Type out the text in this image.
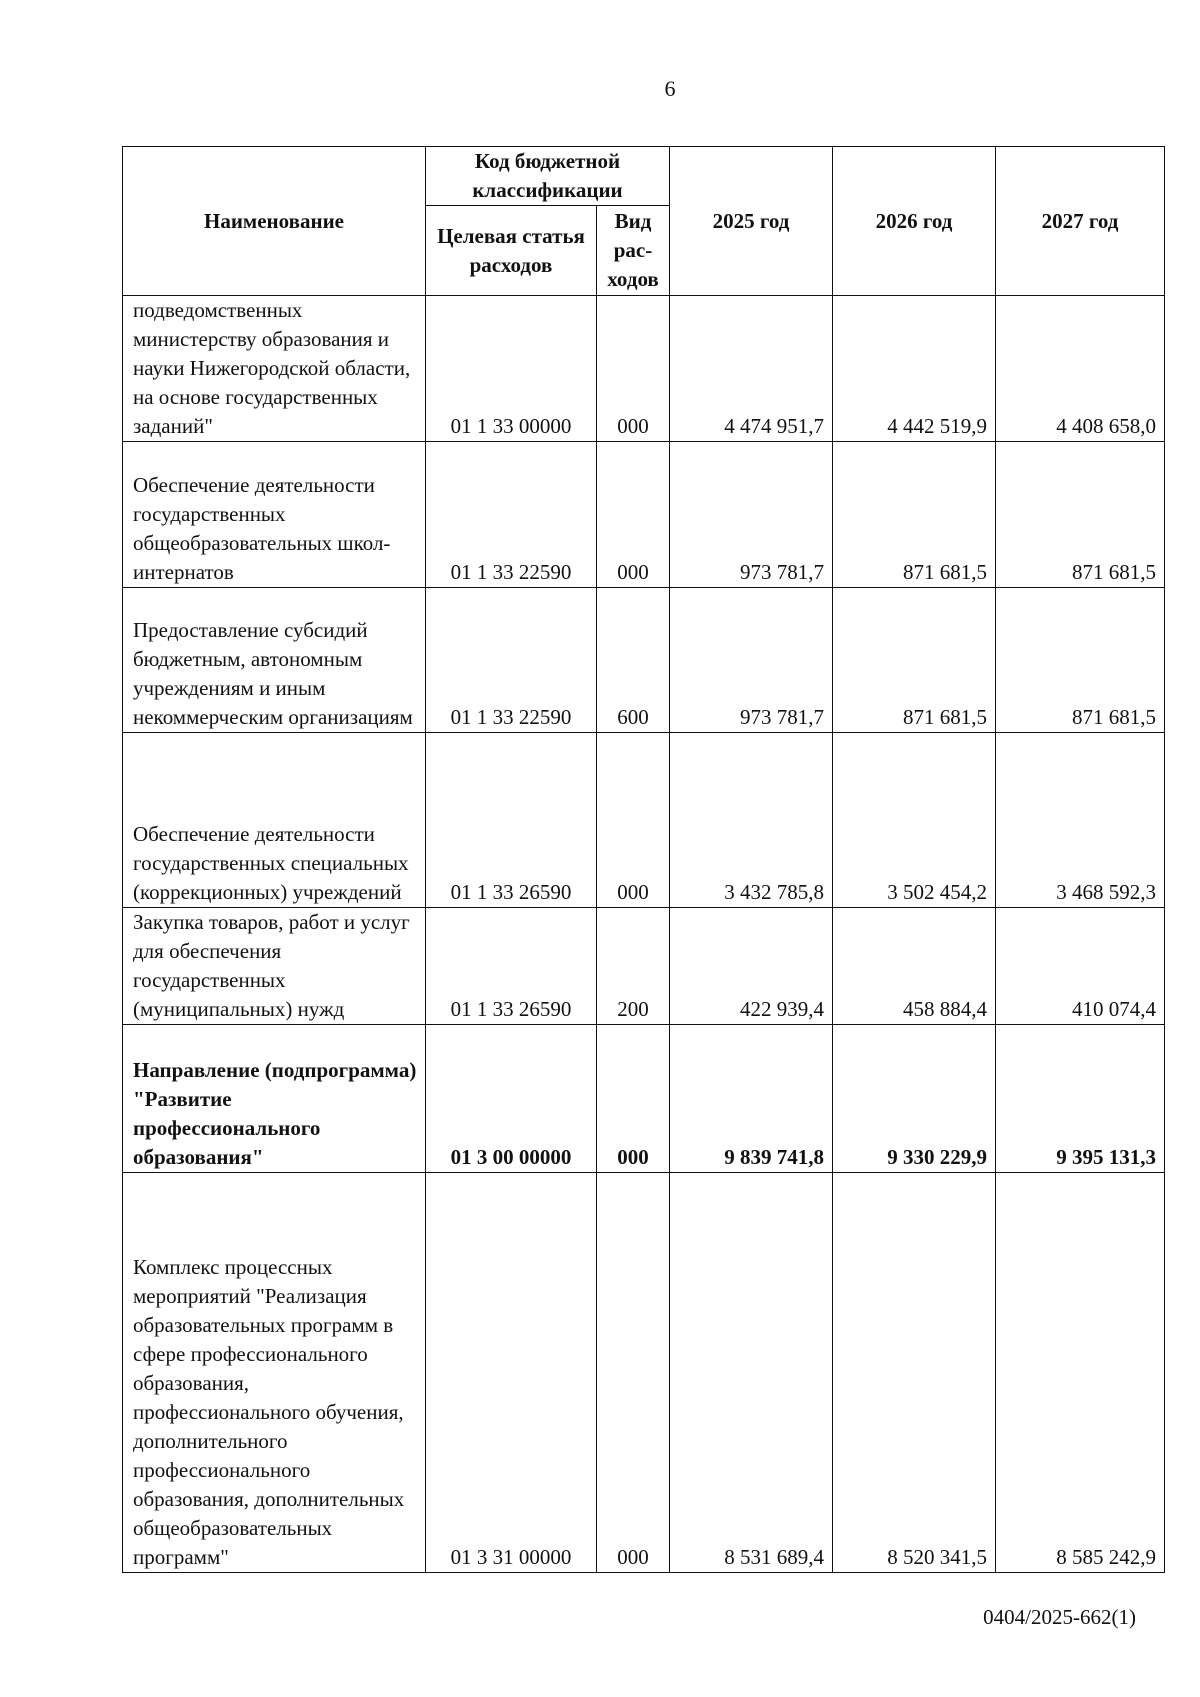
6
Наименование	Код бюджетной классификации		2025 год	2026 год	2027 год
	Целевая статья расходов	Вид рас-ходов			
подведомственных министерству образования и науки Нижегородской области, на основе государственных заданий"	01 1 33 00000	000	4 474 951,7	4 442 519,9	4 408 658,0
Обеспечение деятельности государственных общеобразовательных школ-интернатов	01 1 33 22590	000	973 781,7	871 681,5	871 681,5
Предоставление субсидий бюджетным, автономным учреждениям и иным некоммерческим организациям	01 1 33 22590	600	973 781,7	871 681,5	871 681,5
Обеспечение деятельности государственных специальных (коррекционных) учреждений	01 1 33 26590	000	3 432 785,8	3 502 454,2	3 468 592,3
Закупка товаров, работ и услуг для обеспечения государственных (муниципальных) нужд	01 1 33 26590	200	422 939,4	458 884,4	410 074,4
Направление (подпрограмма) "Развитие профессионального образования"	01 3 00 00000	000	9 839 741,8	9 330 229,9	9 395 131,3
Комплекс процессных мероприятий "Реализация образовательных программ в сфере профессионального образования, профессионального обучения, дополнительного профессионального образования, дополнительных общеобразовательных программ"	01 3 31 00000	000	8 531 689,4	8 520 341,5	8 585 242,9
0404/2025-662(1)
